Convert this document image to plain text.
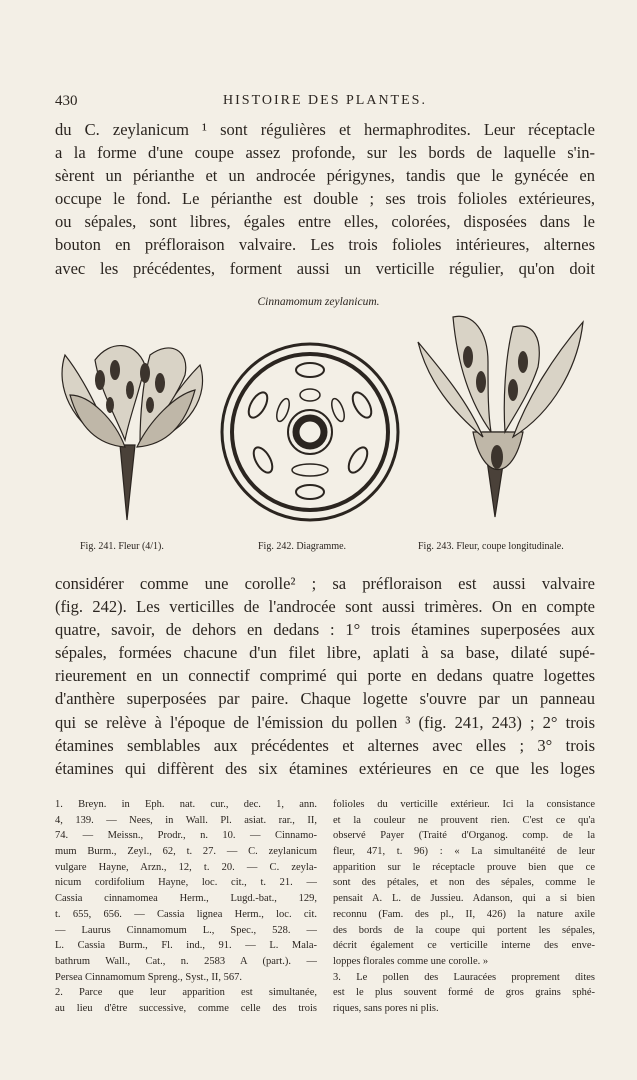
430	HISTOIRE DES PLANTES.
du C. zeylanicum ¹ sont régulières et hermaphrodites. Leur réceptacle
a la forme d'une coupe assez profonde, sur les bords de laquelle s'in-
sèrent un périanthe et un androcée périgynes, tandis que le gynécée en
occupe le fond. Le périanthe est double ; ses trois folioles extérieures,
ou sépales, sont libres, égales entre elles, colorées, disposées dans le
bouton en préfloraison valvaire. Les trois folioles intérieures, alternes
avec les précédentes, forment aussi un verticille régulier, qu'on doit
Cinnamomum zeylanicum.
Fig. 241. Fleur (4/1).	Fig. 242. Diagramme.	Fig. 243. Fleur, coupe longitudinale.
considérer comme une corolle² ; sa préfloraison est aussi valvaire
(fig. 242). Les verticilles de l'androcée sont aussi trimères. On en compte
quatre, savoir, de dehors en dedans : 1° trois étamines superposées aux
sépales, formées chacune d'un filet libre, aplati à sa base, dilaté supé-
rieurement en un connectif comprimé qui porte en dedans quatre logettes
d'anthère superposées par paire. Chaque logette s'ouvre par un panneau
qui se relève à l'époque de l'émission du pollen ³ (fig. 241, 243) ; 2° trois
étamines semblables aux précédentes et alternes avec elles ; 3° trois
étamines qui diffèrent des six étamines extérieures en ce que les loges
1. Breyn. in Eph. nat. cur., dec. 1, ann.
4, 139. — Nees, in Wall. Pl. asiat. rar., II,
74. — Meissn., Prodr., n. 10. — Cinnamo-
mum Burm., Zeyl., 62, t. 27. — C. zeylanicum
vulgare Hayne, Arzn., 12, t. 20. — C. zeyla-
nicum cordifolium Hayne, loc. cit., t. 21. —
Cassia cinnamomea Herm., Lugd.-bat., 129,
t. 655, 656. — Cassia lignea Herm., loc. cit.
— Laurus Cinnamomum L., Spec., 528. —
L. Cassia Burm., Fl. ind., 91. — L. Mala-
bathrum Wall., Cat., n. 2583 A (part.). —
Persea Cinnamomum Spreng., Syst., II, 567.
2. Parce que leur apparition est simultanée,
au lieu d'être successive, comme celle des trois
folioles du verticille extérieur. Ici la consistance
et la couleur ne prouvent rien. C'est ce qu'a
observé Payer (Traité d'Organog. comp. de la
fleur, 471, t. 96) : « La simultanéité de leur
apparition sur le réceptacle prouve bien que ce
sont des pétales, et non des sépales, comme le
pensait A. L. de Jussieu. Adanson, qui a si bien
reconnu (Fam. des pl., II, 426) la nature axile
des bords de la coupe qui portent les sépales,
décrit également ce verticille interne des enve-
loppes florales comme une corolle. »
3. Le pollen des Lauracées proprement dites
est le plus souvent formé de gros grains sphé-
riques, sans pores ni plis.
